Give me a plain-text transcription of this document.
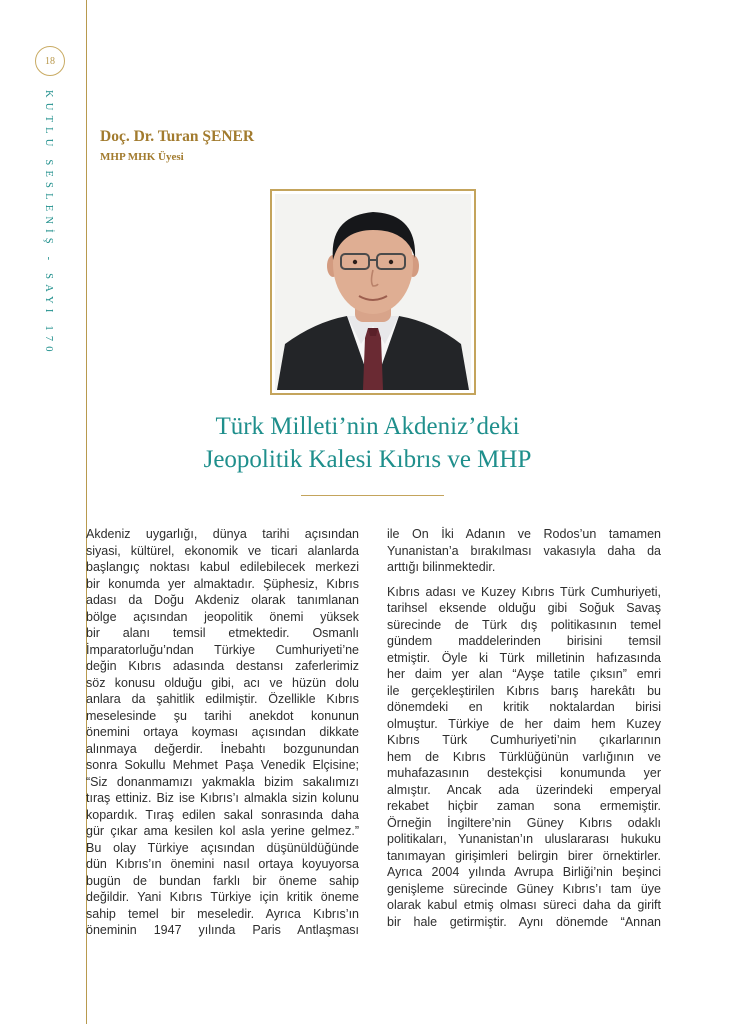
18
KUTLU SESLENİŞ - SAYI 170	Doç. Dr. Turan ŞENER
MHP MHK Üyesi
Türk Milleti’nin Akdeniz’deki
Jeopolitik Kalesi Kıbrıs ve MHP
Akdeniz uygarlığı, dünya tarihi açısından
siyasi, kültürel, ekonomik ve ticari alanlarda
başlangıç noktası kabul edilebilecek merkezi
bir konumda yer almaktadır. Şüphesiz, Kıbrıs
adası da Doğu Akdeniz olarak tanımlanan
bölge açısından jeopolitik önemi yüksek
bir alanı temsil etmektedir. Osmanlı
İmparatorluğu’ndan Türkiye Cumhuriyeti’ne
değin Kıbrıs adasında destansı zaferlerimiz
söz konusu olduğu gibi, acı ve hüzün dolu
anlara da şahitlik edilmiştir. Özellikle Kıbrıs
meselesinde şu tarihi anekdot konunun
önemini ortaya koyması açısından dikkate
alınmaya değerdir. İnebahtı bozgunundan
sonra Sokullu Mehmet Paşa Venedik Elçisine;
“Siz donanmamızı yakmakla bizim sakalımızı
tıraş ettiniz. Biz ise Kıbrıs’ı almakla sizin kolunu
kopardık. Tıraş edilen sakal sonrasında daha
gür çıkar ama kesilen kol asla yerine gelmez.”
Bu olay Türkiye açısından düşünüldüğünde
dün Kıbrıs’ın önemini nasıl ortaya koyuyorsa
bugün de bundan farklı bir öneme sahip
değildir. Yani Kıbrıs Türkiye için kritik öneme
sahip temel bir meseledir. Ayrıca Kıbrıs’ın
öneminin 1947 yılında Paris Antlaşması
ile On İki Adanın ve Rodos’un tamamen
Yunanistan’a bırakılması vakasıyla daha da
arttığı bilinmektedir.
Kıbrıs adası ve Kuzey Kıbrıs Türk Cumhuriyeti,
tarihsel eksende olduğu gibi Soğuk Savaş
sürecinde de Türk dış politikasının temel
gündem maddelerinden birisini temsil
etmiştir. Öyle ki Türk milletinin hafızasında
her daim yer alan “Ayşe tatile çıksın” emri
ile gerçekleştirilen Kıbrıs barış harekâtı bu
dönemdeki en kritik noktalardan birisi
olmuştur. Türkiye de her daim hem Kuzey
Kıbrıs Türk Cumhuriyeti’nin çıkarlarının
hem de Kıbrıs Türklüğünün varlığının ve
muhafazasının destekçisi konumunda yer
almıştır. Ancak ada üzerindeki emperyal
rekabet hiçbir zaman sona ermemiştir.
Örneğin İngiltere’nin Güney Kıbrıs odaklı
politikaları, Yunanistan’ın uluslararası hukuku
tanımayan girişimleri belirgin birer örnektirler.
Ayrıca 2004 yılında Avrupa Birliği’nin beşinci
genişleme sürecinde Güney Kıbrıs’ı tam üye
olarak kabul etmiş olması süreci daha da girift
bir hale getirmiştir. Aynı dönemde “Annan
